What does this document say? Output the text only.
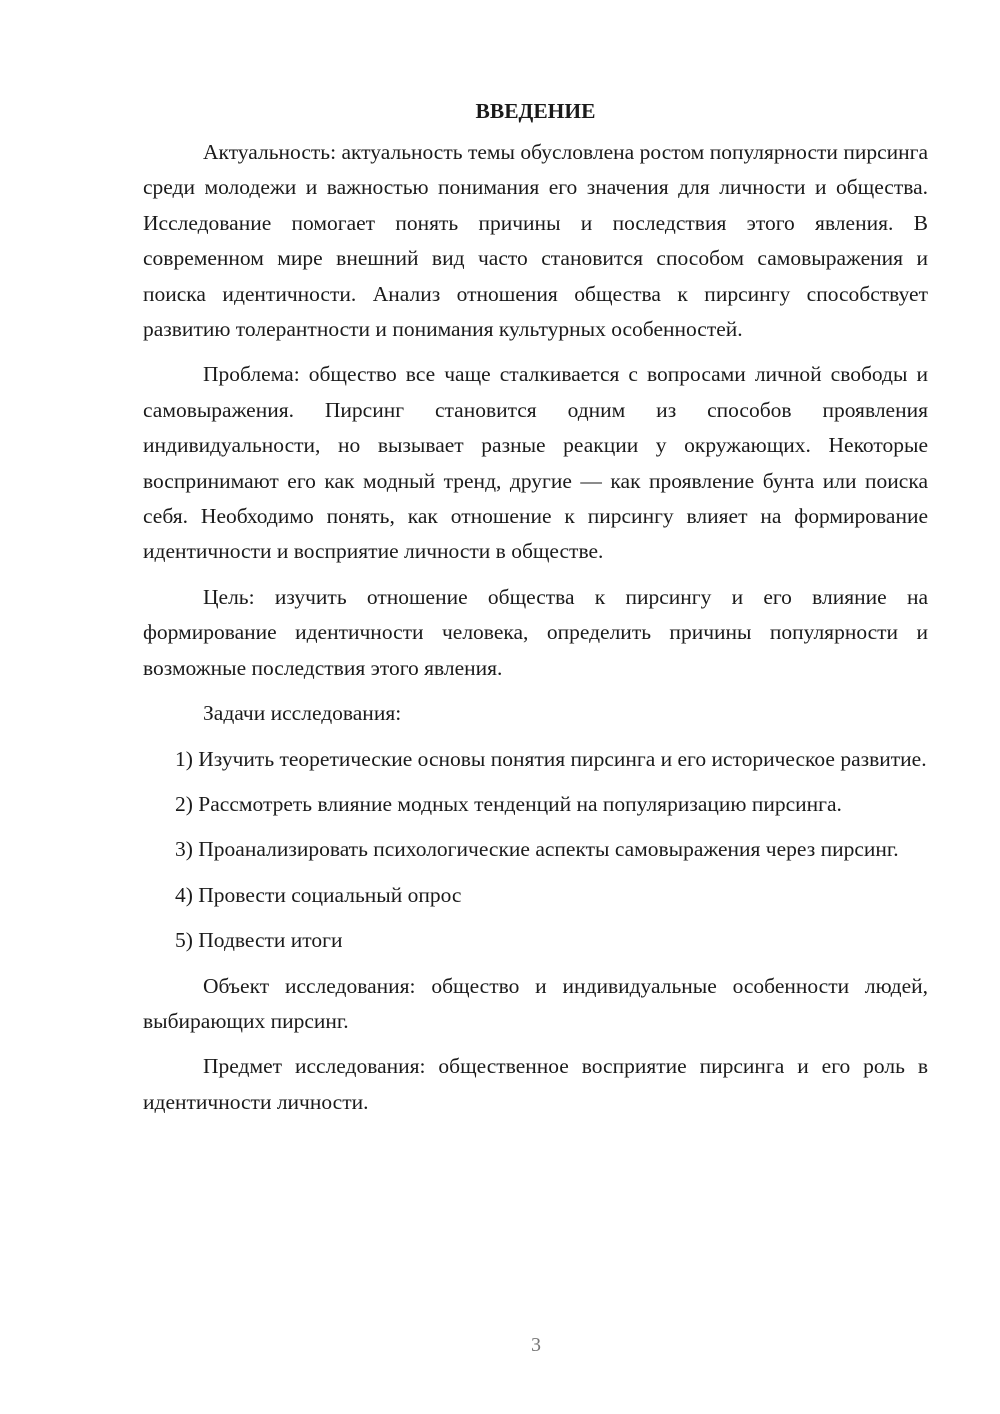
ВВЕДЕНИЕ

Актуальность: актуальность темы обусловлена ростом популярности пирсинга среди молодежи и важностью понимания его значения для личности и общества. Исследование помогает понять причины и последствия этого явления. В современном мире внешний вид часто становится способом самовыражения и поиска идентичности. Анализ отношения общества к пирсингу способствует развитию толерантности и понимания культурных особенностей.

Проблема: общество все чаще сталкивается с вопросами личной свободы и самовыражения. Пирсинг становится одним из способов проявления индивидуальности, но вызывает разные реакции у окружающих. Некоторые воспринимают его как модный тренд, другие — как проявление бунта или поиска себя. Необходимо понять, как отношение к пирсингу влияет на формирование идентичности и восприятие личности в обществе.

Цель: изучить отношение общества к пирсингу и его влияние на формирование идентичности человека, определить причины популярности и возможные последствия этого явления.

Задачи исследования:

1) Изучить теоретические основы понятия пирсинга и его историческое развитие.
2) Рассмотреть влияние модных тенденций на популяризацию пирсинга.
3) Проанализировать психологические аспекты самовыражения через пирсинг.
4) Провести социальный опрос
5) Подвести итоги

Объект исследования: общество и индивидуальные особенности людей, выбирающих пирсинг.

Предмет исследования: общественное восприятие пирсинга и его роль в идентичности личности.

3
